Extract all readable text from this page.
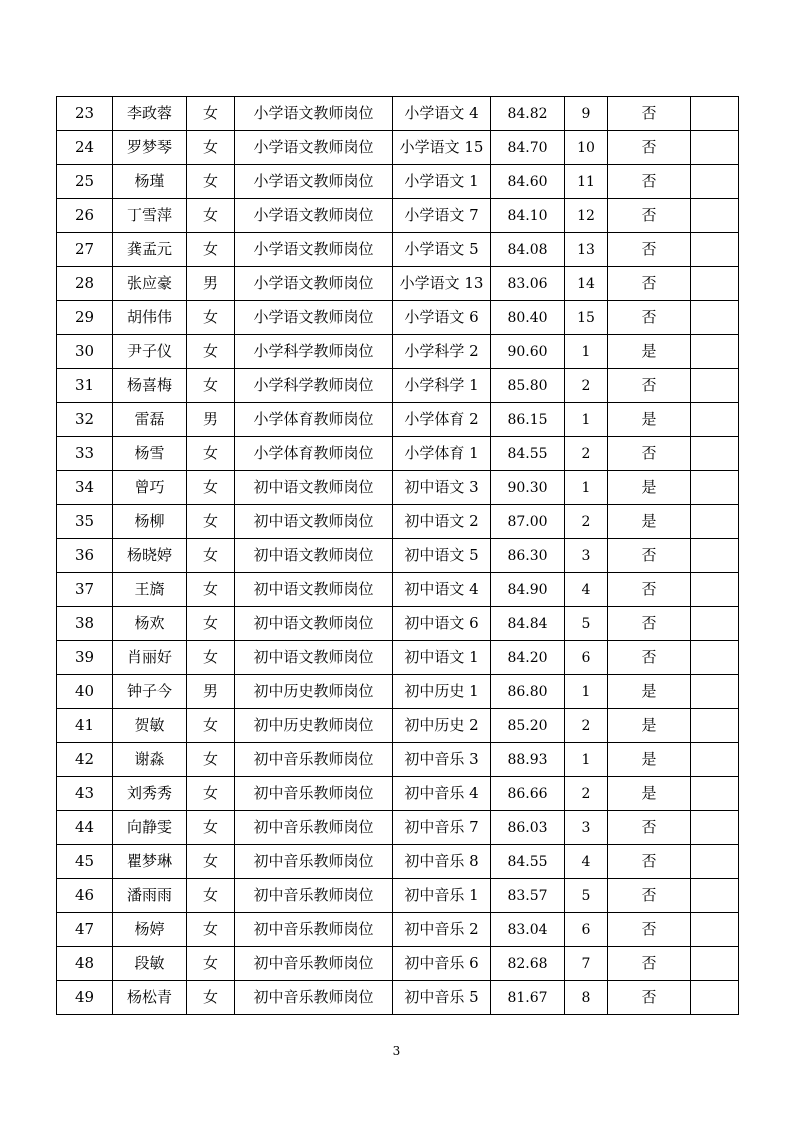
23	李政蓉	女	小学语文教师岗位	小学语文 4	84.82	9	否	
24	罗梦琴	女	小学语文教师岗位	小学语文 15	84.70	10	否	
25	杨瑾	女	小学语文教师岗位	小学语文 1	84.60	11	否	
26	丁雪萍	女	小学语文教师岗位	小学语文 7	84.10	12	否	
27	龚孟元	女	小学语文教师岗位	小学语文 5	84.08	13	否	
28	张应豪	男	小学语文教师岗位	小学语文 13	83.06	14	否	
29	胡伟伟	女	小学语文教师岗位	小学语文 6	80.40	15	否	
30	尹子仪	女	小学科学教师岗位	小学科学 2	90.60	1	是	
31	杨喜梅	女	小学科学教师岗位	小学科学 1	85.80	2	否	
32	雷磊	男	小学体育教师岗位	小学体育 2	86.15	1	是	
33	杨雪	女	小学体育教师岗位	小学体育 1	84.55	2	否	
34	曾巧	女	初中语文教师岗位	初中语文 3	90.30	1	是	
35	杨柳	女	初中语文教师岗位	初中语文 2	87.00	2	是	
36	杨晓婷	女	初中语文教师岗位	初中语文 5	86.30	3	否	
37	王旖	女	初中语文教师岗位	初中语文 4	84.90	4	否	
38	杨欢	女	初中语文教师岗位	初中语文 6	84.84	5	否	
39	肖丽好	女	初中语文教师岗位	初中语文 1	84.20	6	否	
40	钟子今	男	初中历史教师岗位	初中历史 1	86.80	1	是	
41	贺敏	女	初中历史教师岗位	初中历史 2	85.20	2	是	
42	谢淼	女	初中音乐教师岗位	初中音乐 3	88.93	1	是	
43	刘秀秀	女	初中音乐教师岗位	初中音乐 4	86.66	2	是	
44	向静雯	女	初中音乐教师岗位	初中音乐 7	86.03	3	否	
45	瞿梦琳	女	初中音乐教师岗位	初中音乐 8	84.55	4	否	
46	潘雨雨	女	初中音乐教师岗位	初中音乐 1	83.57	5	否	
47	杨婷	女	初中音乐教师岗位	初中音乐 2	83.04	6	否	
48	段敏	女	初中音乐教师岗位	初中音乐 6	82.68	7	否	
49	杨松青	女	初中音乐教师岗位	初中音乐 5	81.67	8	否	
3
